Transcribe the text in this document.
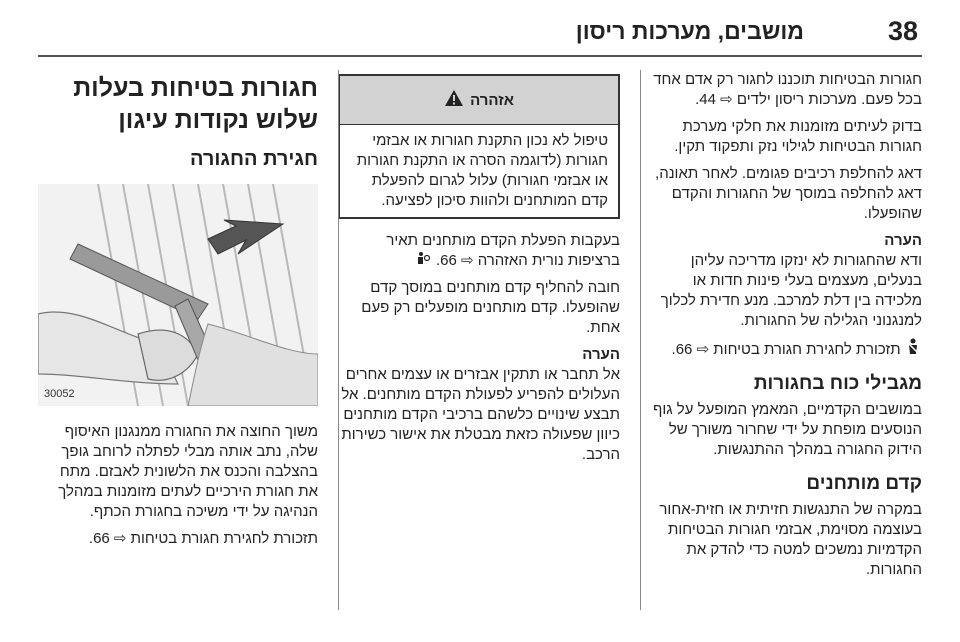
38
מושבים, מערכות ריסון

חגורות הבטיחות תוכננו לחגור רק אדם אחד בכל פעם. מערכות ריסון ילדים ⇨ 44.

בדוק לעיתים מזומנות את חלקי מערכת חגורות הבטיחות לגילוי נזק ותפקוד תקין.

דאג להחלפת רכיבים פגומים. לאחר תאונה, דאג להחלפה במוסך של החגורות והקדם שהופעלו.

הערה

ודא שהחגורות לא ינזקו מדריכה עליהן בנעלים, מעצמים בעלי פינות חדות או מלכידה בין דלת למרכב. מנע חדירת לכלוך למנגנוני הגלילה של החגורות.

תזכורת לחגירת חגורת בטיחות ⇨ 66.

מגבילי כוח בחגורות

במושבים הקדמיים, המאמץ המופעל על גוף הנוסעים מופחת על ידי שחרור משורך של הידוק החגורה במהלך ההתנגשות.

קדם מותחנים

במקרה של התנגשות חזיתית או חזית-אחור בעוצמה מסוימת, אבזמי חגורות הבטיחות הקדמיות נמשכים למטה כדי להדק את החגורות.

אזהרה
טיפול לא נכון התקנת חגורות או אבזמי חגורות (לדוגמה הסרה או התקנת חגורות או אבזמי חגורות) עלול לגרום להפעלת קדם המותחנים ולהוות סיכון לפציעה.

בעקבות הפעלת הקדם מותחנים תאיר ברציפות נורית האזהרה ⇨ 66.

חובה להחליף קדם מותחנים במוסך קדם שהופעלו. קדם מותחנים מופעלים רק פעם אחת.

הערה

אל תחבר או תתקין אבזרים או עצמים אחרים העלולים להפריע לפעולת הקדם מותחנים. אל תבצע שינויים כלשהם ברכיבי הקדם מותחנים כיוון שפעולה כזאת מבטלת את אישור כשירות הרכב.

חגורות בטיחות בעלות שלוש נקודות עיגון
חגירת החגורה
30052

משוך החוצה את החגורה ממנגנון האיסוף שלה, נתב אותה מבלי לפתלה לרוחב גופך בהצלבה והכנס את הלשונית לאבזם. מתח את חגורת הירכיים לעתים מזומנות במהלך הנהיגה על ידי משיכה בחגורת הכתף.

תזכורת לחגירת חגורת בטיחות ⇨ 66.
